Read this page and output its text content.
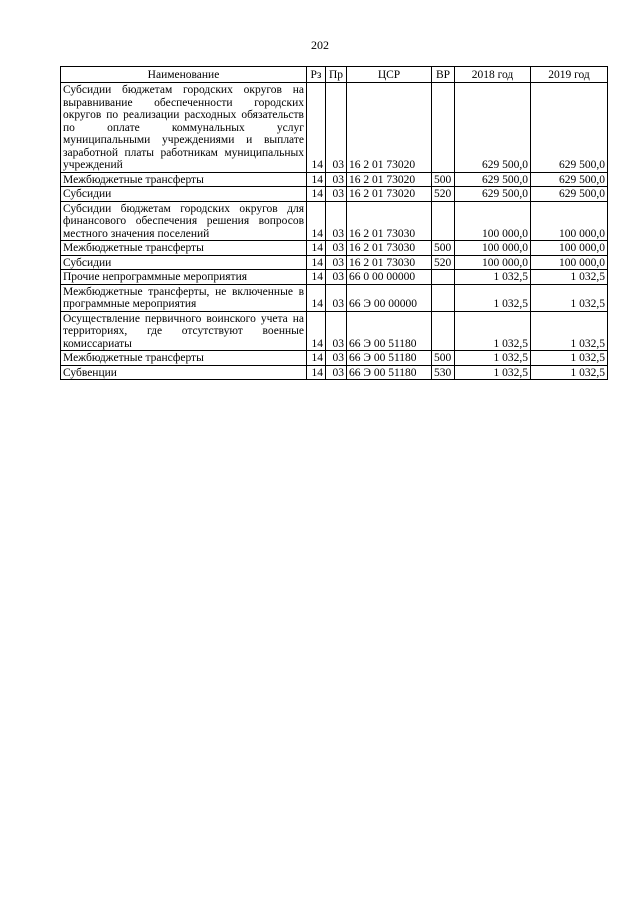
202
Наименование	Рз	Пр	ЦСР	ВР	2018 год	2019 год
Субсидии бюджетам городских округов на выравнивание обеспеченности городских округов по реализации расходных обязательств по оплате коммунальных услуг муниципальными учреждениями и выплате заработной платы работникам муниципальных учреждений	14	03	16 2 01 73020		629 500,0	629 500,0
Межбюджетные трансферты	14	03	16 2 01 73020	500	629 500,0	629 500,0
Субсидии	14	03	16 2 01 73020	520	629 500,0	629 500,0
Субсидии бюджетам городских округов для финансового обеспечения решения вопросов местного значения поселений	14	03	16 2 01 73030		100 000,0	100 000,0
Межбюджетные трансферты	14	03	16 2 01 73030	500	100 000,0	100 000,0
Субсидии	14	03	16 2 01 73030	520	100 000,0	100 000,0
Прочие непрограммные мероприятия	14	03	66 0 00 00000		1 032,5	1 032,5
Межбюджетные трансферты, не включенные в программные мероприятия	14	03	66 Э 00 00000		1 032,5	1 032,5
Осуществление первичного воинского учета на территориях, где отсутствуют военные комиссариаты	14	03	66 Э 00 51180		1 032,5	1 032,5
Межбюджетные трансферты	14	03	66 Э 00 51180	500	1 032,5	1 032,5
Субвенции	14	03	66 Э 00 51180	530	1 032,5	1 032,5
